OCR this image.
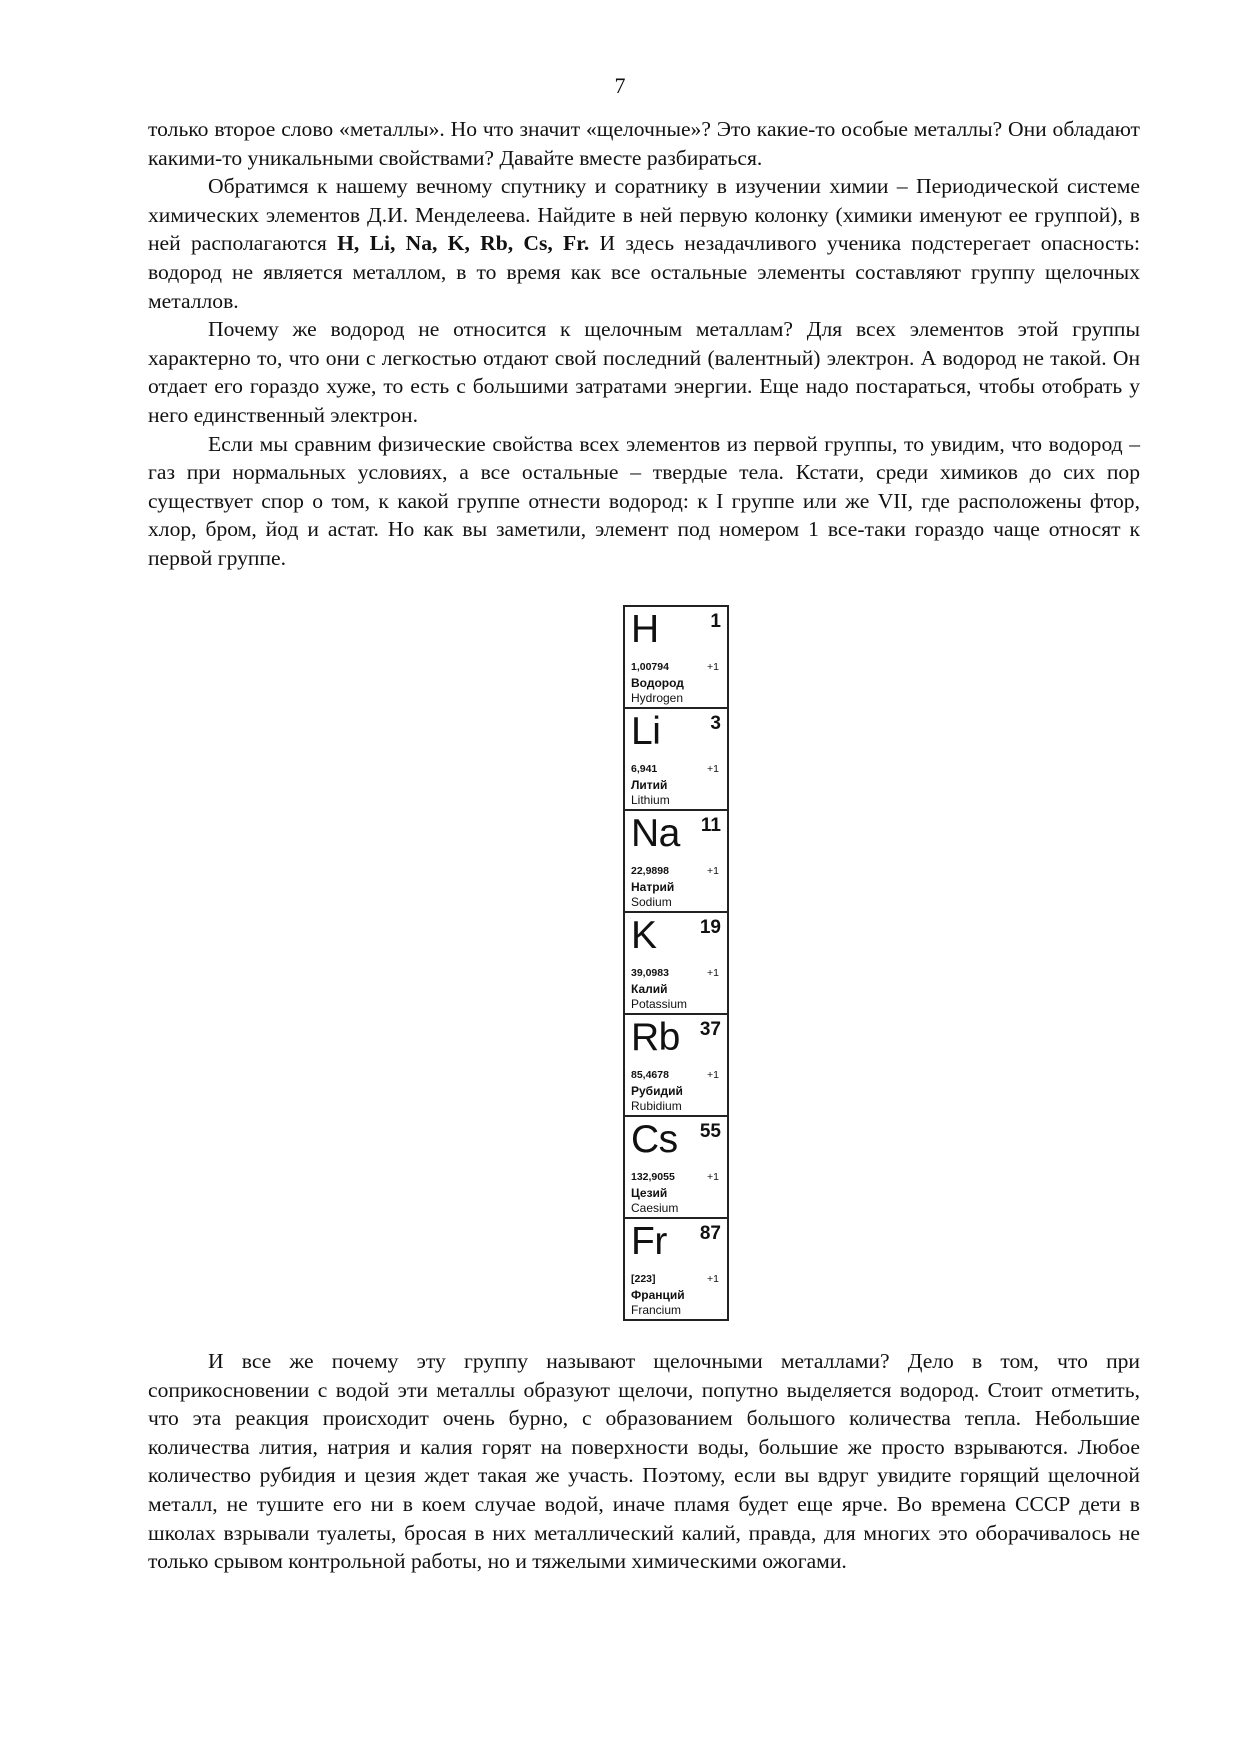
7

только второе слово «металлы». Но что значит «щелочные»? Это какие-то особые металлы? Они обладают какими-то уникальными свойствами? Давайте вместе разбираться.

Обратимся к нашему вечному спутнику и соратнику в изучении химии – Периодической системе химических элементов Д.И. Менделеева. Найдите в ней первую колонку (химики именуют ее группой), в ней располагаются H, Li, Na, K, Rb, Cs, Fr. И здесь незадачливого ученика подстерегает опасность: водород не является металлом, в то время как все остальные элементы составляют группу щелочных металлов.

Почему же водород не относится к щелочным металлам? Для всех элементов этой группы характерно то, что они с легкостью отдают свой последний (валентный) электрон. А водород не такой. Он отдает его гораздо хуже, то есть с большими затратами энергии. Еще надо постараться, чтобы отобрать у него единственный электрон.

Если мы сравним физические свойства всех элементов из первой группы, то увидим, что водород – газ при нормальных условиях, а все остальные – твердые тела. Кстати, среди химиков до сих пор существует спор о том, к какой группе отнести водород: к I группе или же VII, где расположены фтор, хлор, бром, йод и астат. Но как вы заметили, элемент под номером 1 все-таки гораздо чаще относят к первой группе.

H	1
1,00794	+1
Водород
Hydrogen
Li	3
6,941	+1
Литий
Lithium
Na 11
22,9898	+1
Натрий
Sodium
K 19
39,0983	+1
Калий
Potassium
Rb 37
85,4678	+1
Рубидий
Rubidium
Cs 55
132,9055	+1
Цезий
Caesium
Fr 87
[223]	+1
Франций
Francium

И все же почему эту группу называют щелочными металлами? Дело в том, что при соприкосновении с водой эти металлы образуют щелочи, попутно выделяется водород. Стоит отметить, что эта реакция происходит очень бурно, с образованием большого количества тепла. Небольшие количества лития, натрия и калия горят на поверхности воды, большие же просто взрываются. Любое количество рубидия и цезия ждет такая же участь. Поэтому, если вы вдруг увидите горящий щелочной металл, не тушите его ни в коем случае водой, иначе пламя будет еще ярче. Во времена СССР дети в школах взрывали туалеты, бросая в них металлический калий, правда, для многих это оборачивалось не только срывом контрольной работы, но и тяжелыми химическими ожогами.
